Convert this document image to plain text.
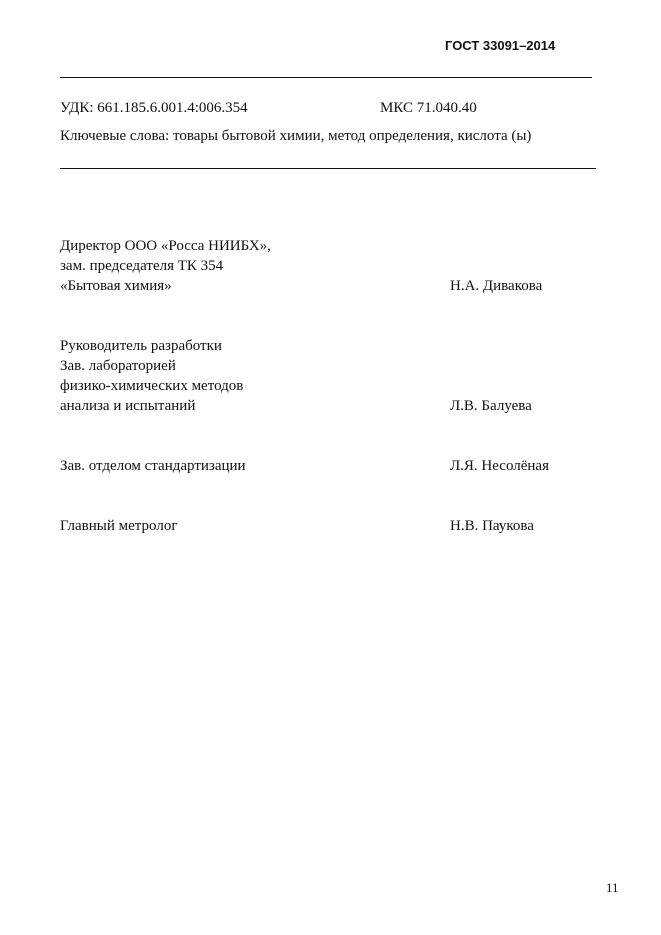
ГОСТ 33091–2014
УДК: 661.185.6.001.4:006.354	МКС 71.040.40
Ключевые слова: товары бытовой химии, метод определения, кислота (ы)
Директор ООО «Росса НИИБХ»,
зам. председателя ТК 354
«Бытовая химия»	Н.А. Дивакова
Руководитель разработки
Зав. лабораторией
физико-химических методов
анализа и испытаний	Л.В. Балуева
Зав. отделом стандартизации	Л.Я. Несолёная
Главный метролог	Н.В. Паукова
11
